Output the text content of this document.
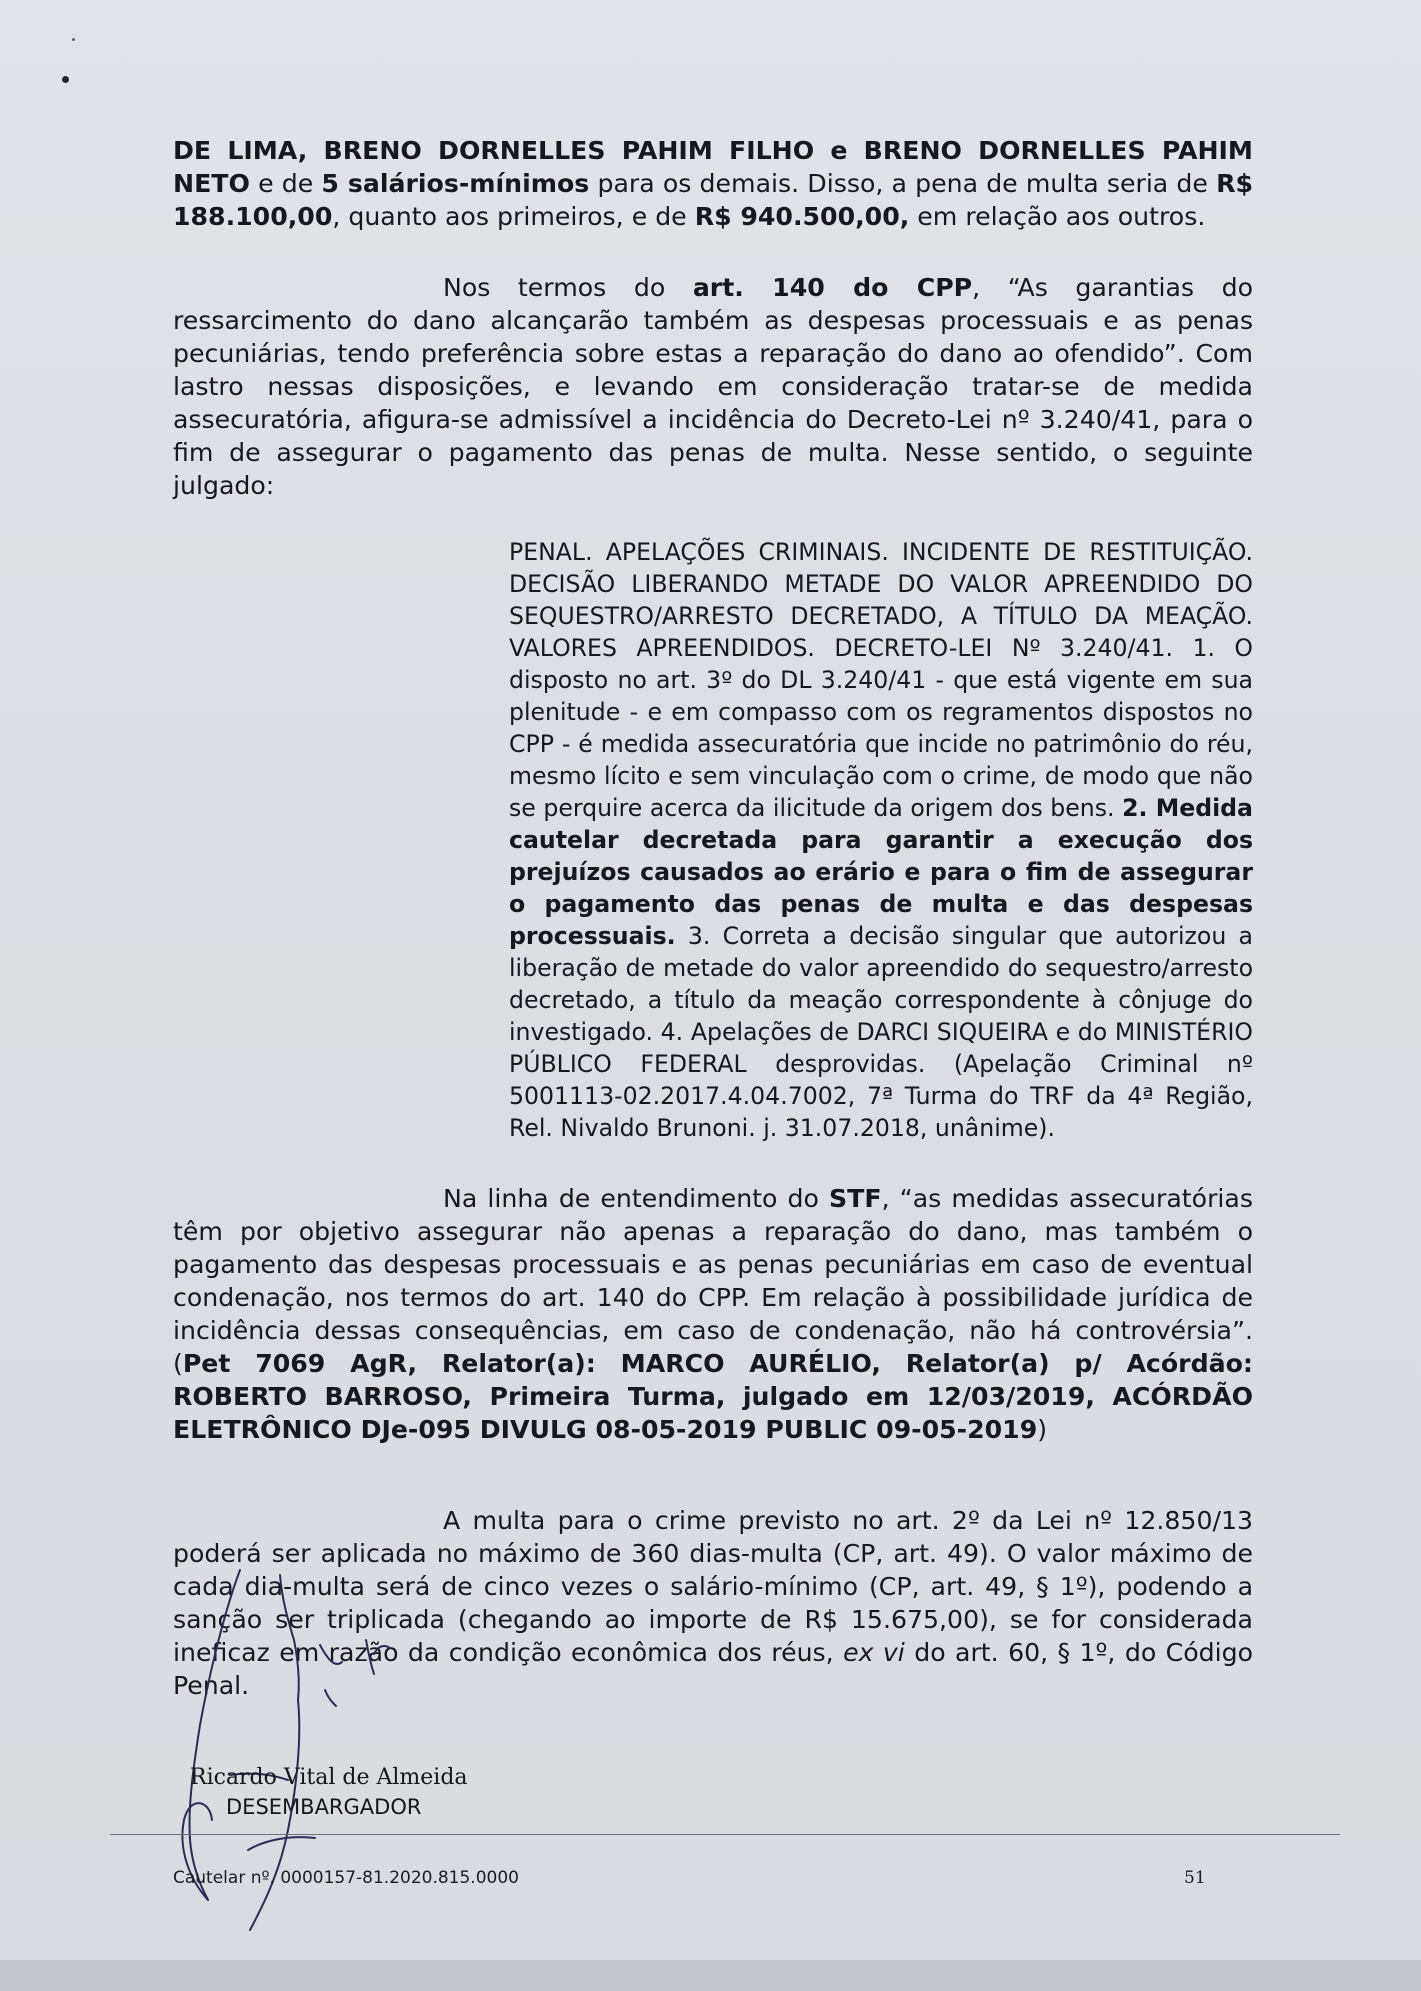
DE LIMA, BRENO DORNELLES PAHIM FILHO e BRENO DORNELLES PAHIM NETO e de 5 salários-mínimos para os demais. Disso, a pena de multa seria de R$ 188.100,00, quanto aos primeiros, e de R$ 940.500,00, em relação aos outros.

Nos termos do art. 140 do CPP, “As garantias do ressarcimento do dano alcançarão também as despesas processuais e as penas pecuniárias, tendo preferência sobre estas a reparação do dano ao ofendido”. Com lastro nessas disposições, e levando em consideração tratar-se de medida assecuratória, afigura-se admissível a incidência do Decreto-Lei nº 3.240/41, para o fim de assegurar o pagamento das penas de multa. Nesse sentido, o seguinte julgado:

PENAL. APELAÇÕES CRIMINAIS. INCIDENTE DE RESTITUIÇÃO. DECISÃO LIBERANDO METADE DO VALOR APREENDIDO DO SEQUESTRO/ARRESTO DECRETADO, A TÍTULO DA MEAÇÃO. VALORES APREENDIDOS. DECRETO-LEI Nº 3.240/41. 1. O disposto no art. 3º do DL 3.240/41 - que está vigente em sua plenitude - e em compasso com os regramentos dispostos no CPP - é medida assecuratória que incide no patrimônio do réu, mesmo lícito e sem vinculação com o crime, de modo que não se perquire acerca da ilicitude da origem dos bens. 2. Medida cautelar decretada para garantir a execução dos prejuízos causados ao erário e para o fim de assegurar o pagamento das penas de multa e das despesas processuais. 3. Correta a decisão singular que autorizou a liberação de metade do valor apreendido do sequestro/arresto decretado, a título da meação correspondente à cônjuge do investigado. 4. Apelações de DARCI SIQUEIRA e do MINISTÉRIO PÚBLICO FEDERAL desprovidas. (Apelação Criminal nº 5001113-02.2017.4.04.7002, 7ª Turma do TRF da 4ª Região, Rel. Nivaldo Brunoni. j. 31.07.2018, unânime).

Na linha de entendimento do STF, “as medidas assecuratórias têm por objetivo assegurar não apenas a reparação do dano, mas também o pagamento das despesas processuais e as penas pecuniárias em caso de eventual condenação, nos termos do art. 140 do CPP. Em relação à possibilidade jurídica de incidência dessas consequências, em caso de condenação, não há controvérsia”. (Pet 7069 AgR, Relator(a): MARCO AURÉLIO, Relator(a) p/ Acórdão: ROBERTO BARROSO, Primeira Turma, julgado em 12/03/2019, ACÓRDÃO ELETRÔNICO DJe-095 DIVULG 08-05-2019 PUBLIC 09-05-2019)

A multa para o crime previsto no art. 2º da Lei nº 12.850/13 poderá ser aplicada no máximo de 360 dias-multa (CP, art. 49). O valor máximo de cada dia-multa será de cinco vezes o salário-mínimo (CP, art. 49, § 1º), podendo a sanção ser triplicada (chegando ao importe de R$ 15.675,00), se for considerada ineficaz em razão da condição econômica dos réus, ex vi do art. 60, § 1º, do Código Penal.

Ricardo Vital de Almeida
DESEMBARGADOR
Cautelar nº. 0000157-81.2020.815.0000	51
